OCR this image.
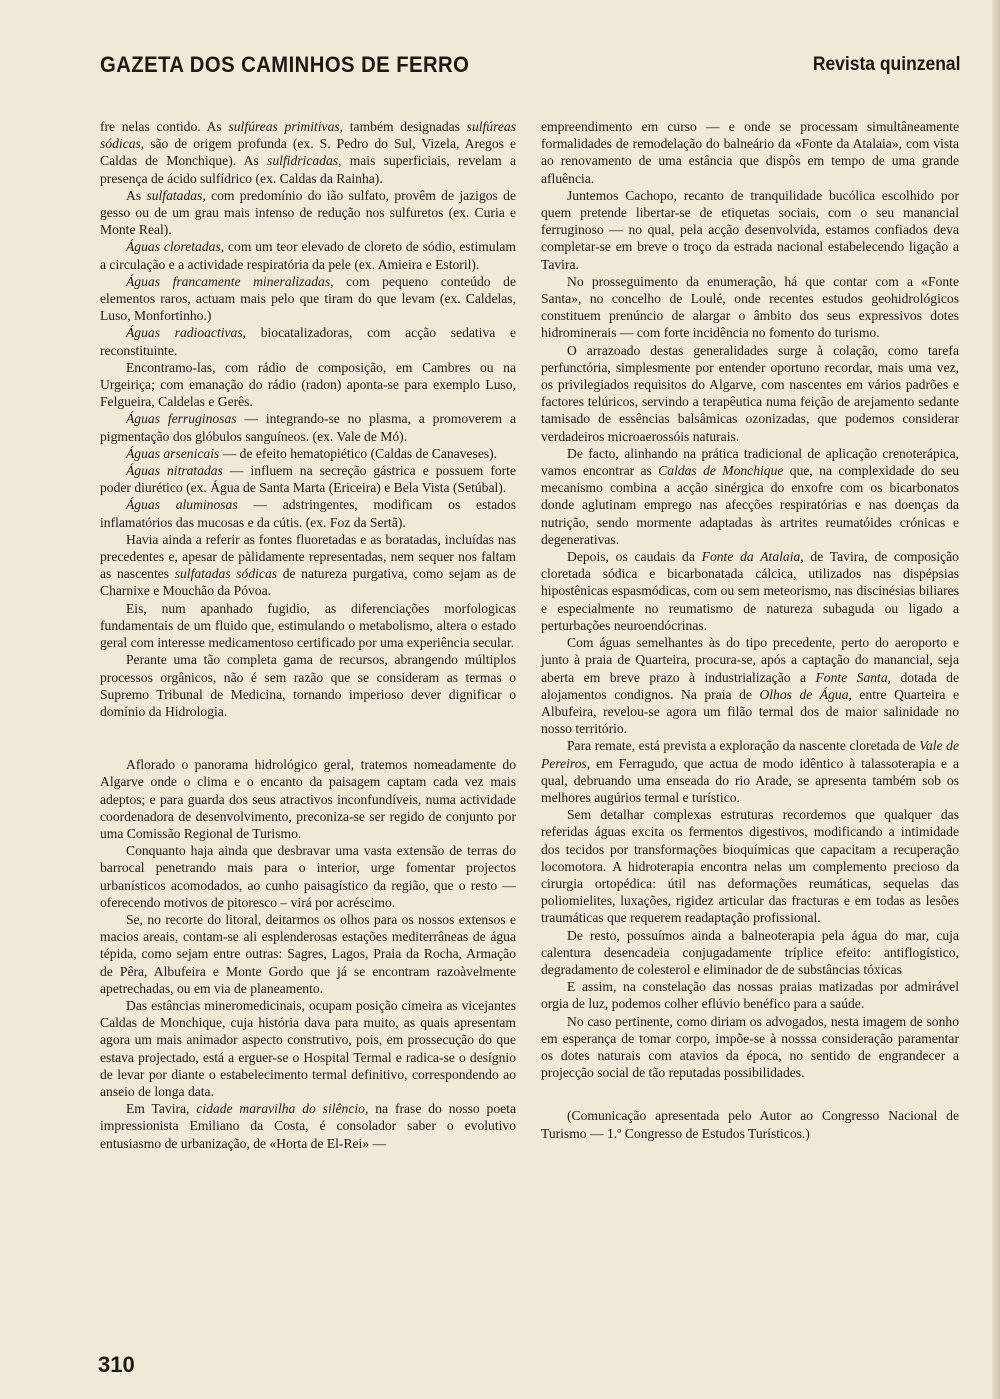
GAZETA DOS CAMINHOS DE FERRO	Revista quinzenal

fre nelas contido. As sulfúreas primitivas, também designadas sulfúreas sódicas, são de origem profunda (ex. S. Pedro do Sul, Vizela, Aregos e Caldas de Monchique). As sulfidricadas, mais superficiais, revelam a presença de ácido sulfídrico (ex. Caldas da Rainha).

As sulfatadas, com predomínio do ião sulfato, provêm de jazigos de gesso ou de um grau mais intenso de redução nos sulfuretos (ex. Curia e Monte Real).

Águas cloretadas, com um teor elevado de cloreto de sódio, estimulam a circulação e a actividade respiratória da pele (ex. Amieira e Estoril).

Águas francamente mineralizadas, com pequeno conteúdo de elementos raros, actuam mais pelo que tiram do que levam (ex. Caldelas, Luso, Monfortinho.)

Águas radioactivas, biocatalizadoras, com acção sedativa e reconstituinte.

Encontramo-las, com rádio de composição, em Cambres ou na Urgeiriça; com emanação do rádio (radon) aponta-se para exemplo Luso, Felgueira, Caldelas e Gerês.

Águas ferruginosas — integrando-se no plasma, a promoverem a pigmentação dos glóbulos sanguíneos. (ex. Vale de Mó).

Águas arsenicais — de efeito hematopiético (Caldas de Canaveses).

Águas nitratadas — influem na secreção gástrica e possuem forte poder diurético (ex. Água de Santa Marta (Ericeira) e Bela Vista (Setúbal).

Águas aluminosas — adstringentes, modificam os estados inflamatórios das mucosas e da cútis. (ex. Foz da Sertã).

Havia ainda a referir as fontes fluoretadas e as boratadas, incluídas nas precedentes e, apesar de pàlidamente representadas, nem sequer nos faltam as nascentes sulfatadas sódicas de natureza purgativa, como sejam as de Charnixe e Mouchão da Póvoa.

Eis, num apanhado fugidio, as diferenciações morfologicas fundamentais de um fluido que, estimulando o metabolismo, altera o estado geral com interesse medicamentoso certificado por uma experiência secular.

Perante uma tão completa gama de recursos, abrangendo múltiplos processos orgânicos, não é sem razão que se consideram as termas o Supremo Tribunal de Medicina, tornando imperioso dever dignificar o domínio da Hidrologia.

Aflorado o panorama hidrológico geral, tratemos nomeadamente do Algarve onde o clima e o encanto da paisagem captam cada vez mais adeptos; e para guarda dos seus atractivos inconfundíveis, numa actividade coordenadora de desenvolvimento, preconiza-se ser regido de conjunto por uma Comissão Regional de Turismo.

Conquanto haja ainda que desbravar uma vasta extensão de terras do barrocal penetrando mais para o interior, urge fomentar projectos urbanísticos acomodados, ao cunho paisagístico da região, que o resto — oferecendo motivos de pitoresco – virá por acréscimo.

Se, no recorte do litoral, deitarmos os olhos para os nossos extensos e macios areais, contam-se ali esplenderosas estações mediterrâneas de água tépida, como sejam entre outras: Sagres, Lagos, Praia da Rocha, Armação de Pêra, Albufeira e Monte Gordo que já se encontram razoàvelmente apetrechadas, ou em via de planeamento.

Das estâncias mineromedicinais, ocupam posição cimeira as vicejantes Caldas de Monchique, cuja história dava para muito, as quais apresentam agora um mais animador aspecto construtivo, pois, em prossecução do que estava projectado, está a erguer-se o Hospital Termal e radica-se o desígnio de levar por diante o estabelecimento termal definitivo, correspondendo ao anseio de longa data.

Em Tavira, cidade maravilha do silêncio, na frase do nosso poeta impressionista Emiliano da Costa, é consolador saber o evolutivo entusiasmo de urbanização, de «Horta de El-Rei» —

empreendimento em curso — e onde se processam simultâneamente formalidades de remodelação do balneário da «Fonte da Atalaia», com vista ao renovamento de uma estância que dispôs em tempo de uma grande afluência.

Juntemos Cachopo, recanto de tranquilidade bucólica escolhido por quem pretende libertar-se de etiquetas sociais, com o seu manancial ferruginoso — no qual, pela acção desenvolvida, estamos confiados deva completar-se em breve o troço da estrada nacional estabelecendo ligação a Tavira.

No prosseguimento da enumeração, há que contar com a «Fonte Santa», no concelho de Loulé, onde recentes estudos geohidrológicos constituem prenúncio de alargar o âmbito dos seus expressivos dotes hidrominerais — com forte incidência no fomento do turismo.

O arrazoado destas generalidades surge à colação, como tarefa perfunctória, simplesmente por entender oportuno recordar, mais uma vez, os privilegiados requisitos do Algarve, com nascentes em vários padrões e factores telúricos, servindo a terapêutica numa feição de arejamento sedante tamisado de essências balsâmicas ozonizadas, que podemos considerar verdadeiros microaerossóis naturais.

De facto, alinhando na prática tradicional de aplicação crenoterápica, vamos encontrar as Caldas de Monchique que, na complexidade do seu mecanismo combina a acção sinérgica do enxofre com os bicarbonatos donde aglutinam emprego nas afecções respiratórias e nas doenças da nutrição, sendo mormente adaptadas às artrites reumatóides crónicas e degenerativas.

Depois, os caudais da Fonte da Atalaia, de Tavira, de composição cloretada sódica e bicarbonatada cálcica, utilizados nas dispépsias hipostênicas espasmódicas, com ou sem meteorismo, nas discinésias biliares e especialmente no reumatismo de natureza subaguda ou ligado a perturbações neuroendócrinas.

Com águas semelhantes às do tipo precedente, perto do aeroporto e junto à praia de Quarteira, procura-se, após a captação do manancial, seja aberta em breve prazo à industrialização a Fonte Santa, dotada de alojamentos condignos. Na praia de Olhos de Água, entre Quarteira e Albufeira, revelou-se agora um filão termal dos de maior salinidade no nosso território.

Para remate, está prevista a exploração da nascente cloretada de Vale de Pereiros, em Ferragudo, que actua de modo idêntico à talassoterapia e a qual, debruando uma enseada do rio Arade, se apresenta também sob os melhores augúrios termal e turístico.

Sem detalhar complexas estruturas recordemos que qualquer das referidas águas excita os fermentos digestivos, modificando a intimidade dos tecidos por transformações bioquímicas que capacitam a recuperação locomotora. A hidroterapia encontra nelas um complemento precioso da cirurgia ortopédica: útil nas deformações reumáticas, sequelas das poliomielites, luxações, rigidez articular das fracturas e em todas as lesões traumáticas que requerem readaptação profissional.

De resto, possuímos ainda a balneoterapia pela água do mar, cuja calentura desencadeia conjugadamente tríplice efeito: antiflogístico, degradamento de colesterol e eliminador de de substâncias tóxicas

E assim, na constelação das nossas praias matizadas por admirável orgia de luz, podemos colher eflúvio benéfico para a saúde.

No caso pertinente, como diriam os advogados, nesta imagem de sonho em esperança de tomar corpo, impõe-se à nosssa consideração paramentar os dotes naturais com atavios da época, no sentido de engrandecer a projecção social de tão reputadas possibilidades.

(Comunicação apresentada pelo Autor ao Congresso Nacional de Turismo — 1.º Congresso de Estudos Turísticos.)

310
